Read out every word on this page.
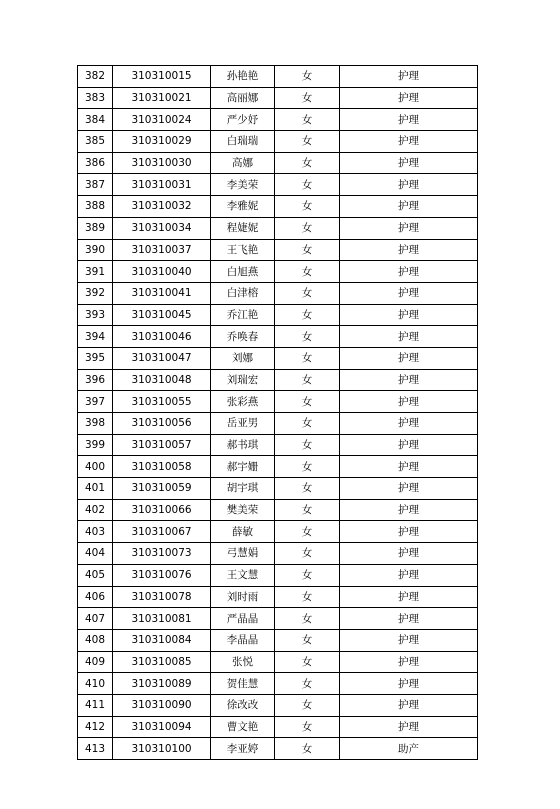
382	310310015	孙艳艳	女	护理
383	310310021	高丽娜	女	护理
384	310310024	严少妤	女	护理
385	310310029	白瑞瑞	女	护理
386	310310030	高娜	女	护理
387	310310031	李美荣	女	护理
388	310310032	李雅妮	女	护理
389	310310034	程婕妮	女	护理
390	310310037	王飞艳	女	护理
391	310310040	白旭燕	女	护理
392	310310041	白津榕	女	护理
393	310310045	乔江艳	女	护理
394	310310046	乔唤春	女	护理
395	310310047	刘娜	女	护理
396	310310048	刘瑞宏	女	护理
397	310310055	张彩燕	女	护理
398	310310056	岳亚男	女	护理
399	310310057	郝书琪	女	护理
400	310310058	郝宇姗	女	护理
401	310310059	胡宇琪	女	护理
402	310310066	樊美荣	女	护理
403	310310067	薛敏	女	护理
404	310310073	弓慧娟	女	护理
405	310310076	王文慧	女	护理
406	310310078	刘时雨	女	护理
407	310310081	严晶晶	女	护理
408	310310084	李晶晶	女	护理
409	310310085	张悦	女	护理
410	310310089	贺佳慧	女	护理
411	310310090	徐改改	女	护理
412	310310094	曹文艳	女	护理
413	310310100	李亚婷	女	助产
